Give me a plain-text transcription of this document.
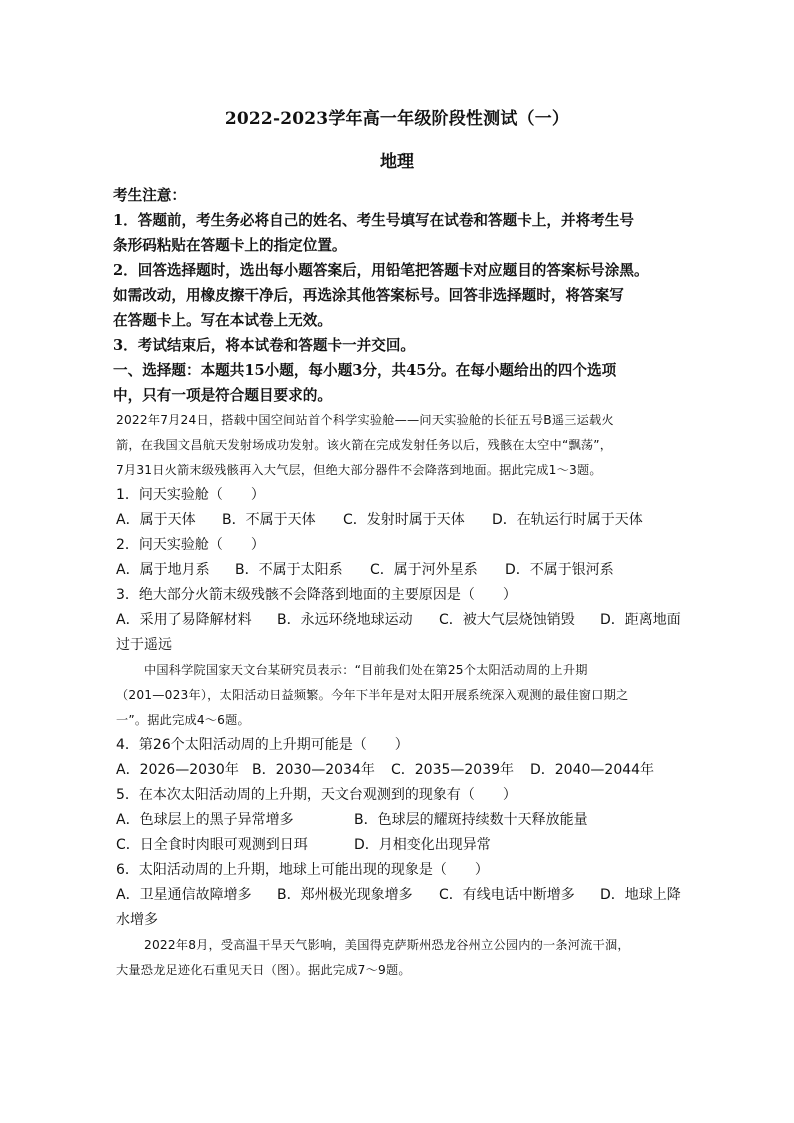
2022-2023学年高一年级阶段性测试（一）
地理
考生注意：
1．答题前，考生务必将自己的姓名、考生号填写在试卷和答题卡上，并将考生号
条形码粘贴在答题卡上的指定位置。
2．回答选择题时，选出每小题答案后，用铅笔把答题卡对应题目的答案标号涂黑。
如需改动，用橡皮擦干净后，再选涂其他答案标号。回答非选择题时，将答案写
在答题卡上。写在本试卷上无效。
3．考试结束后，将本试卷和答题卡一并交回。
一、选择题：本题共15小题，每小题3分，共45分。在每小题给出的四个选项
中，只有一项是符合题目要求的。
2022年7月24日，搭载中国空间站首个科学实验舱——问天实验舱的长征五号B遥三运载火
箭，在我国文昌航天发射场成功发射。该火箭在完成发射任务以后，残骸在太空中“飘荡”，
7月31日火箭末级残骸再入大气层，但绝大部分器件不会降落到地面。据此完成1～3题。
1．问天实验舱（　　）
A．属于天体 B．不属于天体 C．发射时属于天体 D．在轨运行时属于天体
2．问天实验舱（　　）
A．属于地月系 B．不属于太阳系 C．属于河外星系 D．不属于银河系
3．绝大部分火箭末级残骸不会降落到地面的主要原因是（　　）
A．采用了易降解材料 B．永远环绕地球运动 C．被大气层烧蚀销毁 D．距离地面
过于遥远
中国科学院国家天文台某研究员表示：“目前我们处在第25个太阳活动周的上升期
（201—023年），太阳活动日益频繁。今年下半年是对太阳开展系统深入观测的最佳窗口期之
一”。据此完成4～6题。
4．第26个太阳活动周的上升期可能是（　　）
A．2026—2030年 B．2030—2034年 C．2035—2039年 D．2040—2044年
5．在本次太阳活动周的上升期，天文台观测到的现象有（　　）
A．色球层上的黑子异常增多	B．色球层的耀斑持续数十天释放能量
C．日全食时肉眼可观测到日珥	D．月相变化出现异常
6．太阳活动周的上升期，地球上可能出现的现象是（　　）
A．卫星通信故障增多 B．郑州极光现象增多 C．有线电话中断增多 D．地球上降
水增多
2022年8月，受高温干旱天气影响，美国得克萨斯州恐龙谷州立公园内的一条河流干涸，
大量恐龙足迹化石重见天日（图）。据此完成7～9题。
